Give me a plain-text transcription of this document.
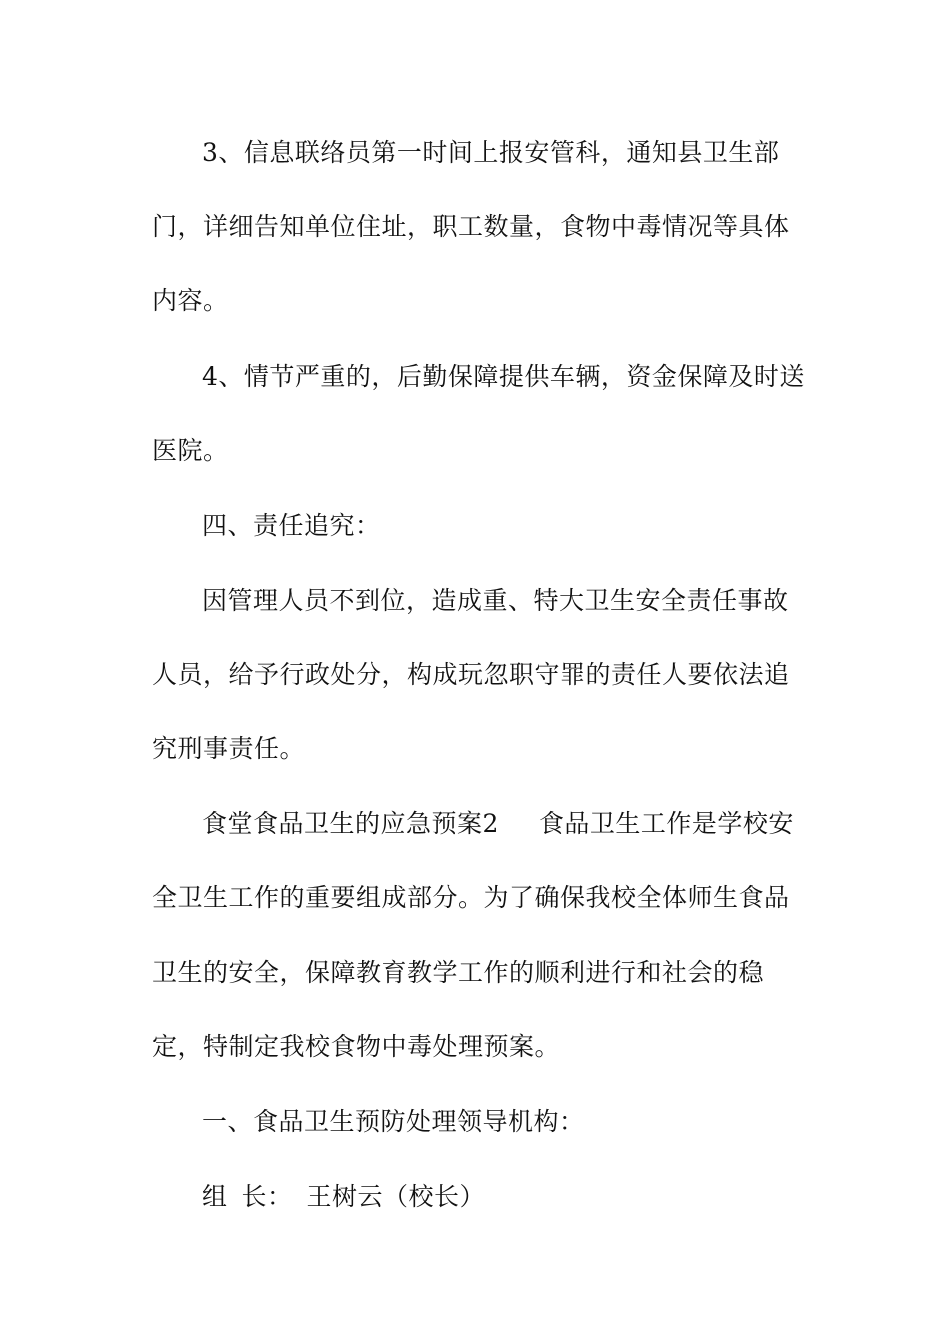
3、信息联络员第一时间上报安管科，通知县卫生部
门，详细告知单位住址，职工数量，食物中毒情况等具体
内容。
4、情节严重的，后勤保障提供车辆，资金保障及时送
医院。
四、责任追究：
因管理人员不到位，造成重、特大卫生安全责任事故
人员，给予行政处分，构成玩忽职守罪的责任人要依法追
究刑事责任。
食堂食品卫生的应急预案2 食品卫生工作是学校安
全卫生工作的重要组成部分。为了确保我校全体师生食品
卫生的安全，保障教育教学工作的顺利进行和社会的稳
定，特制定我校食物中毒处理预案。
一、食品卫生预防处理领导机构：
组 长： 王树云（校长）
